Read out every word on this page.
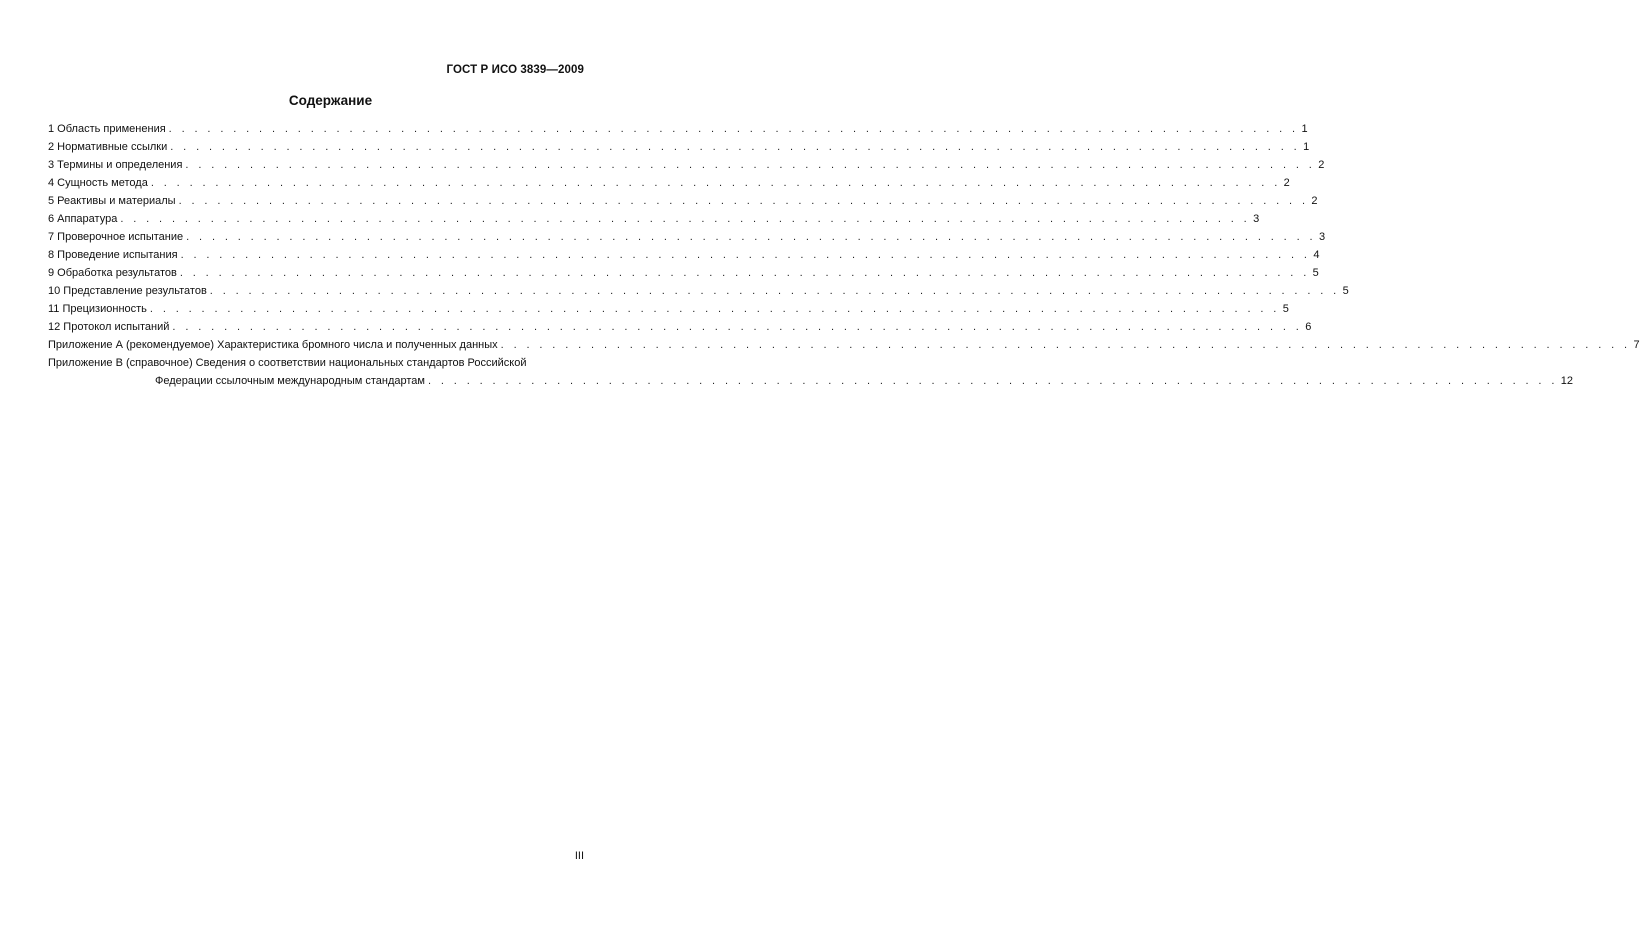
ГОСТ Р ИСО 3839—2009
Содержание
1 Область применения . . . . . . . . . . . . . . . . . . . . . . . . . . . . . . . . . . . . . . . . . . . . . . . . . . . . . . . . . . . . . . . . . . . . . . . . . . . . . . . . . . . . . . . . 1
2 Нормативные ссылки . . . . . . . . . . . . . . . . . . . . . . . . . . . . . . . . . . . . . . . . . . . . . . . . . . . . . . . . . . . . . . . . . . . . . . . . . . . . . . . . . . . . . . . . 1
3 Термины и определения . . . . . . . . . . . . . . . . . . . . . . . . . . . . . . . . . . . . . . . . . . . . . . . . . . . . . . . . . . . . . . . . . . . . . . . . . . . . . . . . . . . . . . . . 2
4 Сущность метода . . . . . . . . . . . . . . . . . . . . . . . . . . . . . . . . . . . . . . . . . . . . . . . . . . . . . . . . . . . . . . . . . . . . . . . . . . . . . . . . . . . . . . . . 2
5 Реактивы и материалы . . . . . . . . . . . . . . . . . . . . . . . . . . . . . . . . . . . . . . . . . . . . . . . . . . . . . . . . . . . . . . . . . . . . . . . . . . . . . . . . . . . . . . . . 2
6 Аппаратура . . . . . . . . . . . . . . . . . . . . . . . . . . . . . . . . . . . . . . . . . . . . . . . . . . . . . . . . . . . . . . . . . . . . . . . . . . . . . . . . . . . . . . . . 3
7 Проверочное испытание . . . . . . . . . . . . . . . . . . . . . . . . . . . . . . . . . . . . . . . . . . . . . . . . . . . . . . . . . . . . . . . . . . . . . . . . . . . . . . . . . . . . . . . . 3
8 Проведение испытания . . . . . . . . . . . . . . . . . . . . . . . . . . . . . . . . . . . . . . . . . . . . . . . . . . . . . . . . . . . . . . . . . . . . . . . . . . . . . . . . . . . . . . . . 4
9 Обработка результатов . . . . . . . . . . . . . . . . . . . . . . . . . . . . . . . . . . . . . . . . . . . . . . . . . . . . . . . . . . . . . . . . . . . . . . . . . . . . . . . . . . . . . . . . 5
10 Представление результатов . . . . . . . . . . . . . . . . . . . . . . . . . . . . . . . . . . . . . . . . . . . . . . . . . . . . . . . . . . . . . . . . . . . . . . . . . . . . . . . . . . . . . . . . 5
11 Прецизионность . . . . . . . . . . . . . . . . . . . . . . . . . . . . . . . . . . . . . . . . . . . . . . . . . . . . . . . . . . . . . . . . . . . . . . . . . . . . . . . . . . . . . . . . 5
12 Протокол испытаний . . . . . . . . . . . . . . . . . . . . . . . . . . . . . . . . . . . . . . . . . . . . . . . . . . . . . . . . . . . . . . . . . . . . . . . . . . . . . . . . . . . . . . . . 6
Приложение А (рекомендуемое) Характеристика бромного числа и полученных данных . . . . . . . . . . . . . . . . . . . . . . . . . . . . . . . . . . . . . . . . . . . . . . . . . . . . . . . . . . . . . . . . . . . . . . . . . . . . . . . . . . . . . . . . 7
Приложение В (справочное) Сведения о соответствии национальных стандартов Российской
Федерации ссылочным международным стандартам . . . . . . . . . . . . . . . . . . . . . . . . . . . . . . . . . . . . . . . . . . . . . . . . . . . . . . . . . . . . . . . . . . . . . . . . . . . . . . . . . . . . . . . . 12
III
